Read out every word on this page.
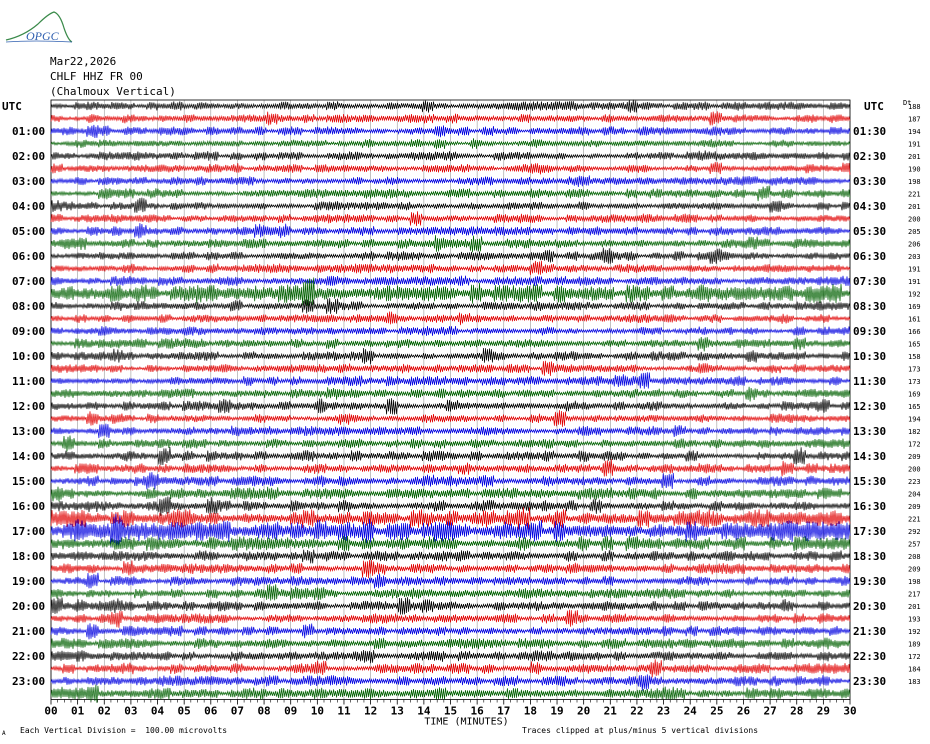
OPGC
Mar22,2026
CHLF HHZ FR 00
(Chalmoux Vertical)
UTC	UTC	Dt
01:00
02:00
03:00
04:00
05:00
06:00
07:00
08:00
09:00
10:00
11:00
12:00
13:00
14:00
15:00
16:00
17:00
18:00
19:00
20:00
21:00
22:00
23:00
01:30
02:30
03:30
04:30
05:30
06:30
07:30
08:30
09:30
10:30
11:30
12:30
13:30
14:30
15:30
16:30
17:30
18:30
19:30
20:30
21:30
22:30
23:30
188
187
194
191
201
190
198
221
201
200
205
206
203
191
191
192
169
161
166
165
158
173
173
169
165
194
182
172
209
200
223
204
209
221
292
257
208
209
198
217
201
193
192
189
172
184
183
00 01 02 03 04 05 06 07 08 09 10 11 12 13 14 15 16 17 18 19 20 21 22 23 24 25 26 27 28 29 30
TIME (MINUTES)
A Each Vertical Division =  100.00 microvolts	Traces clipped at plus/minus 5 vertical divisions
